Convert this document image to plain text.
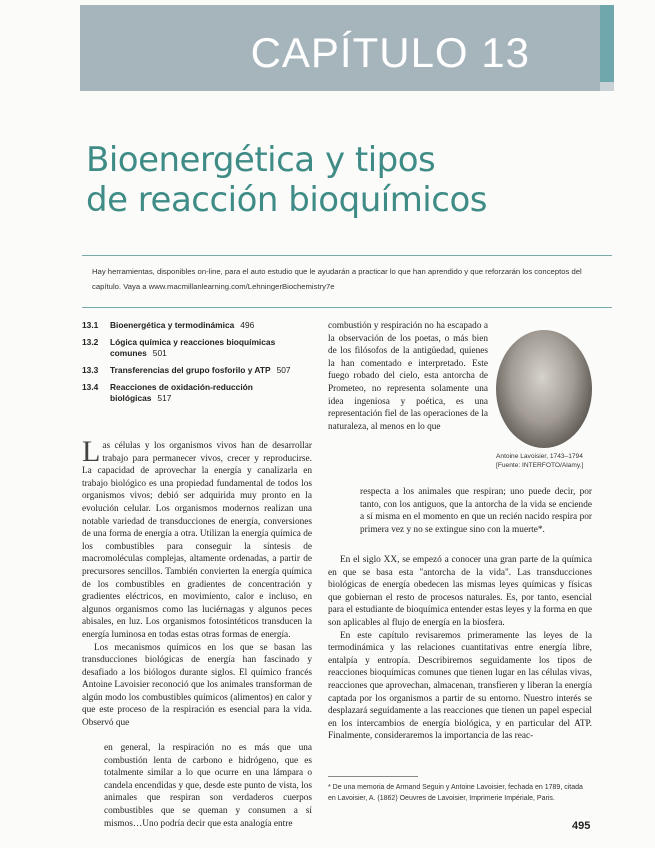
CAPÍTULO 13
Bioenergética y tipos
de reacción bioquímicos
Hay herramientas, disponibles on-line, para el auto estudio que le ayudarán a practicar lo que han aprendido y que reforzarán los conceptos del capítulo. Vaya a www.macmillanlearning.com/LehningerBiochemistry7e
13.1	Bioenergética y termodinámica 496
13.2	Lógica química y reacciones bioquímicas comunes 501
13.3	Transferencias del grupo fosforilo y ATP 507
13.4	Reacciones de oxidación-reducción biológicas 517

Las células y los organismos vivos han de desarrollar trabajo para permanecer vivos, crecer y reproducirse. La capacidad de aprovechar la energía y canalizarla en trabajo biológico es una propiedad fundamental de todos los organismos vivos; debió ser adquirida muy pronto en la evolución celular. Los organismos modernos realizan una notable variedad de transducciones de energía, conversiones de una forma de energía a otra. Utilizan la energía química de los combustibles para conseguir la síntesis de macromoléculas complejas, altamente ordenadas, a partir de precursores sencillos. También convierten la energía química de los combustibles en gradientes de concentración y gradientes eléctricos, en movimiento, calor e incluso, en algunos organismos como las luciérnagas y algunos peces abisales, en luz. Los organismos fotosintéticos transducen la energía luminosa en todas estas otras formas de energía.

Los mecanismos químicos en los que se basan las transducciones biológicas de energía han fascinado y desafiado a los biólogos durante siglos. El químico francés Antoine Lavoisier reconoció que los animales transforman de algún modo los combustibles químicos (alimentos) en calor y que este proceso de la respiración es esencial para la vida. Observó que

en general, la respiración no es más que una combustión lenta de carbono e hidrógeno, que es totalmente similar a lo que ocurre en una lámpara o candela encendidas y que, desde este punto de vista, los animales que respiran son verdaderos cuerpos combustibles que se queman y consumen a sí mismos…Uno podría decir que esta analogía entre
combustión y respiración no ha escapado a la observación de los poetas, o más bien de los filósofos de la antigüedad, quienes la han comentado e interpretado. Este fuego robado del cielo, esta antorcha de Prometeo, no representa solamente una idea ingeniosa y poética, es una representación fiel de las operaciones de la naturaleza, al menos en lo que
Antoine Lavoisier, 1743–1794 [Fuente: INTERFOTO/Alamy.]
respecta a los animales que respiran; uno puede decir, por tanto, con los antiguos, que la antorcha de la vida se enciende a sí misma en el momento en que un recién nacido respira por primera vez y no se extingue sino con la muerte*.

En el siglo XX, se empezó a conocer una gran parte de la química en que se basa esta "antorcha de la vida". Las transducciones biológicas de energía obedecen las mismas leyes químicas y físicas que gobiernan el resto de procesos naturales. Es, por tanto, esencial para el estudiante de bioquímica entender estas leyes y la forma en que son aplicables al flujo de energía en la biosfera.

En este capítulo revisaremos primeramente las leyes de la termodinámica y las relaciones cuantitativas entre energía libre, entalpía y entropía. Describiremos seguidamente los tipos de reacciones bioquímicas comunes que tienen lugar en las células vivas, reacciones que aprovechan, almacenan, transfieren y liberan la energía captada por los organismos a partir de su entorno. Nuestro interés se desplazará seguidamente a las reacciones que tienen un papel especial en los intercambios de energía biológica, y en particular del ATP. Finalmente, consideraremos la importancia de las reac-

* De una memoria de Armand Seguin y Antoine Lavoisier, fechada en 1789, citada en Lavoisier, A. (1862) Oeuvres de Lavoisier, Imprimerie Impériale, Paris.
495
